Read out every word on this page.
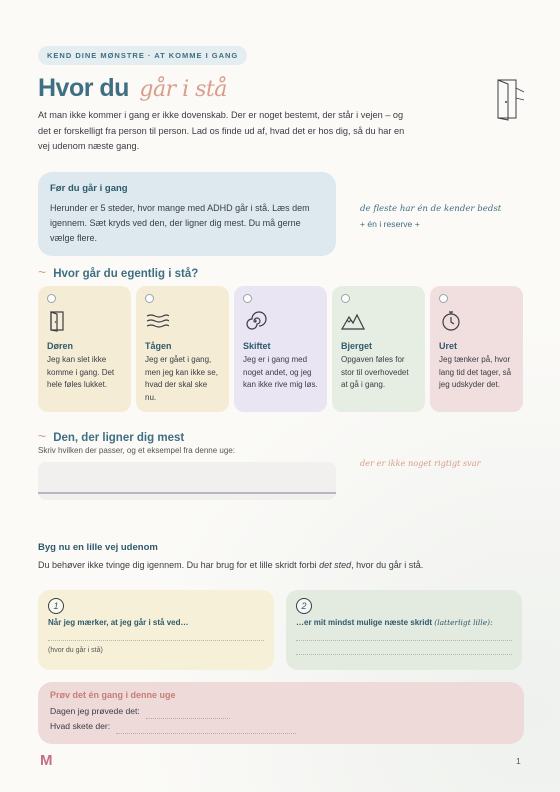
KEND DINE MØNSTRE · AT KOMME I GANG
Hvor du går i stå

At man ikke kommer i gang er ikke dovenskab. Der er noget bestemt, der står i vejen – og det er forskelligt fra person til person. Lad os finde ud af, hvad det er hos dig, så du har en vej udenom næste gang.

Før du går i gang

Herunder er 5 steder, hvor mange med ADHD går i stå. Læs dem igennem. Sæt kryds ved den, der ligner dig mest. Du må gerne vælge flere.

de fleste har én de kender bedst
+ én i reserve +
~ Hvor går du egentlig i stå?
Døren

Jeg kan slet ikke komme i gang. Det hele føles lukket.

Tågen

Jeg er gået i gang, men jeg kan ikke se, hvad der skal ske nu.

Skiftet

Jeg er i gang med noget andet, og jeg kan ikke rive mig løs.

Bjerget

Opgaven føles for stor til overhovedet at gå i gang.

Uret

Jeg tænker på, hvor lang tid det tager, så jeg udskyder det.

~ Den, der ligner dig mest
Skriv hvilken der passer, og et eksempel fra denne uge:
der er ikke noget rigtigt svar
Byg nu en lille vej udenom
Du behøver ikke tvinge dig igennem. Du har brug for et lille skridt forbi det sted, hvor du går i stå.
1
Når jeg mærker, at jeg går i stå ved…
(hvor du går i stå)
2
…er mit mindst mulige næste skridt (latterligt lille):
Prøv det én gang i denne uge
Dagen jeg prøvede det:
Hvad skete der:
M	1
